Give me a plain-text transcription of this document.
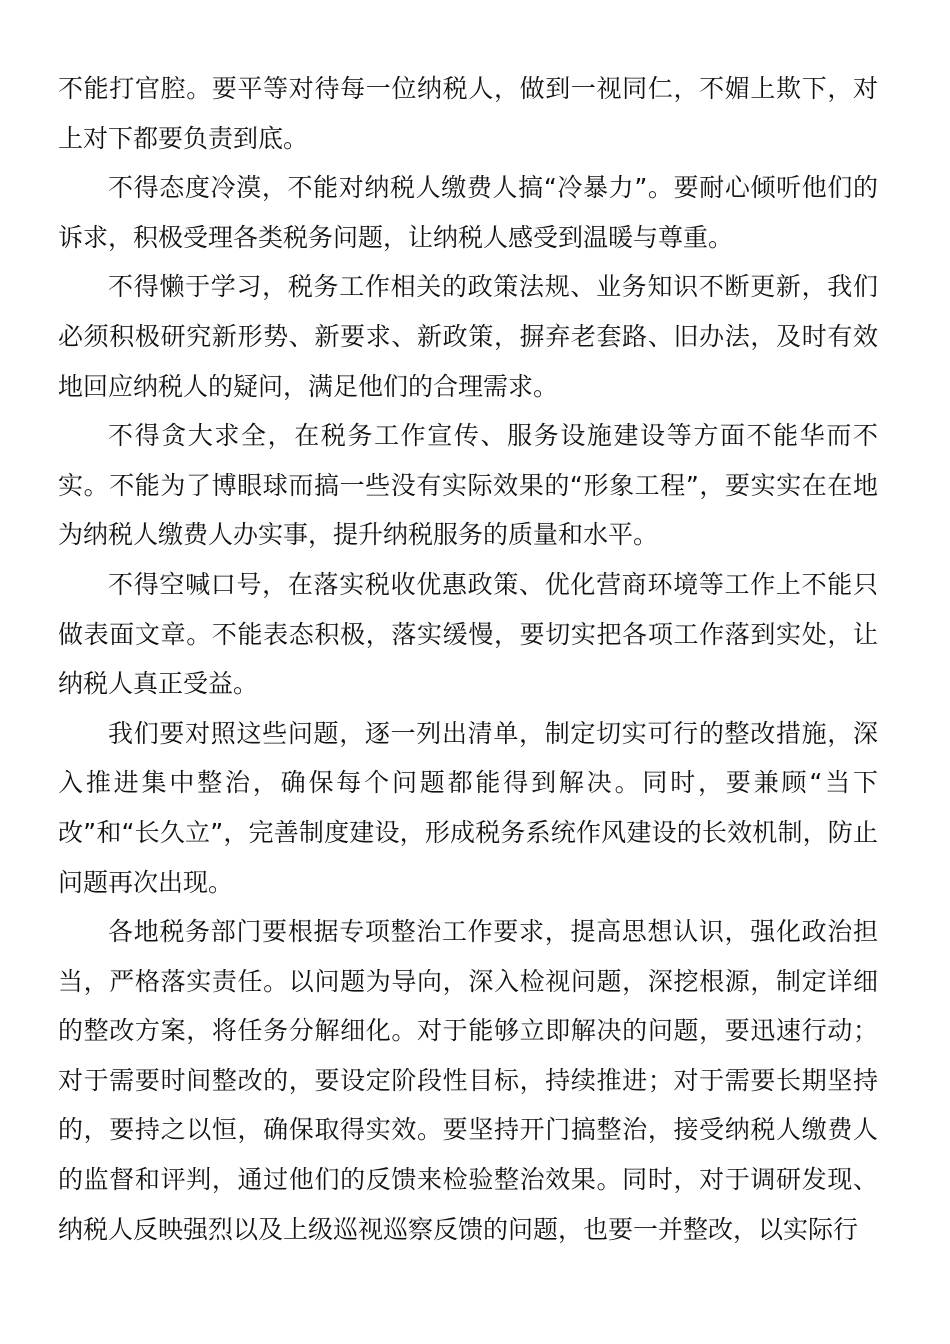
不能打官腔。要平等对待每一位纳税人，做到一视同仁，不媚上欺下，对上对下都要负责到底。

不得态度冷漠，不能对纳税人缴费人搞“冷暴力”。要耐心倾听他们的诉求，积极受理各类税务问题，让纳税人感受到温暖与尊重。

不得懒于学习，税务工作相关的政策法规、业务知识不断更新，我们必须积极研究新形势、新要求、新政策，摒弃老套路、旧办法，及时有效地回应纳税人的疑问，满足他们的合理需求。

不得贪大求全，在税务工作宣传、服务设施建设等方面不能华而不实。不能为了博眼球而搞一些没有实际效果的“形象工程”，要实实在在地为纳税人缴费人办实事，提升纳税服务的质量和水平。

不得空喊口号，在落实税收优惠政策、优化营商环境等工作上不能只做表面文章。不能表态积极，落实缓慢，要切实把各项工作落到实处，让纳税人真正受益。

我们要对照这些问题，逐一列出清单，制定切实可行的整改措施，深入推进集中整治，确保每个问题都能得到解决。同时，要兼顾“当下改”和“长久立”，完善制度建设，形成税务系统作风建设的长效机制，防止问题再次出现。

各地税务部门要根据专项整治工作要求，提高思想认识，强化政治担当，严格落实责任。以问题为导向，深入检视问题，深挖根源，制定详细的整改方案，将任务分解细化。对于能够立即解决的问题，要迅速行动；对于需要时间整改的，要设定阶段性目标，持续推进；对于需要长期坚持的，要持之以恒，确保取得实效。要坚持开门搞整治，接受纳税人缴费人的监督和评判，通过他们的反馈来检验整治效果。同时，对于调研发现、纳税人反映强烈以及上级巡视巡察反馈的问题，也要一并整改，以实际行
